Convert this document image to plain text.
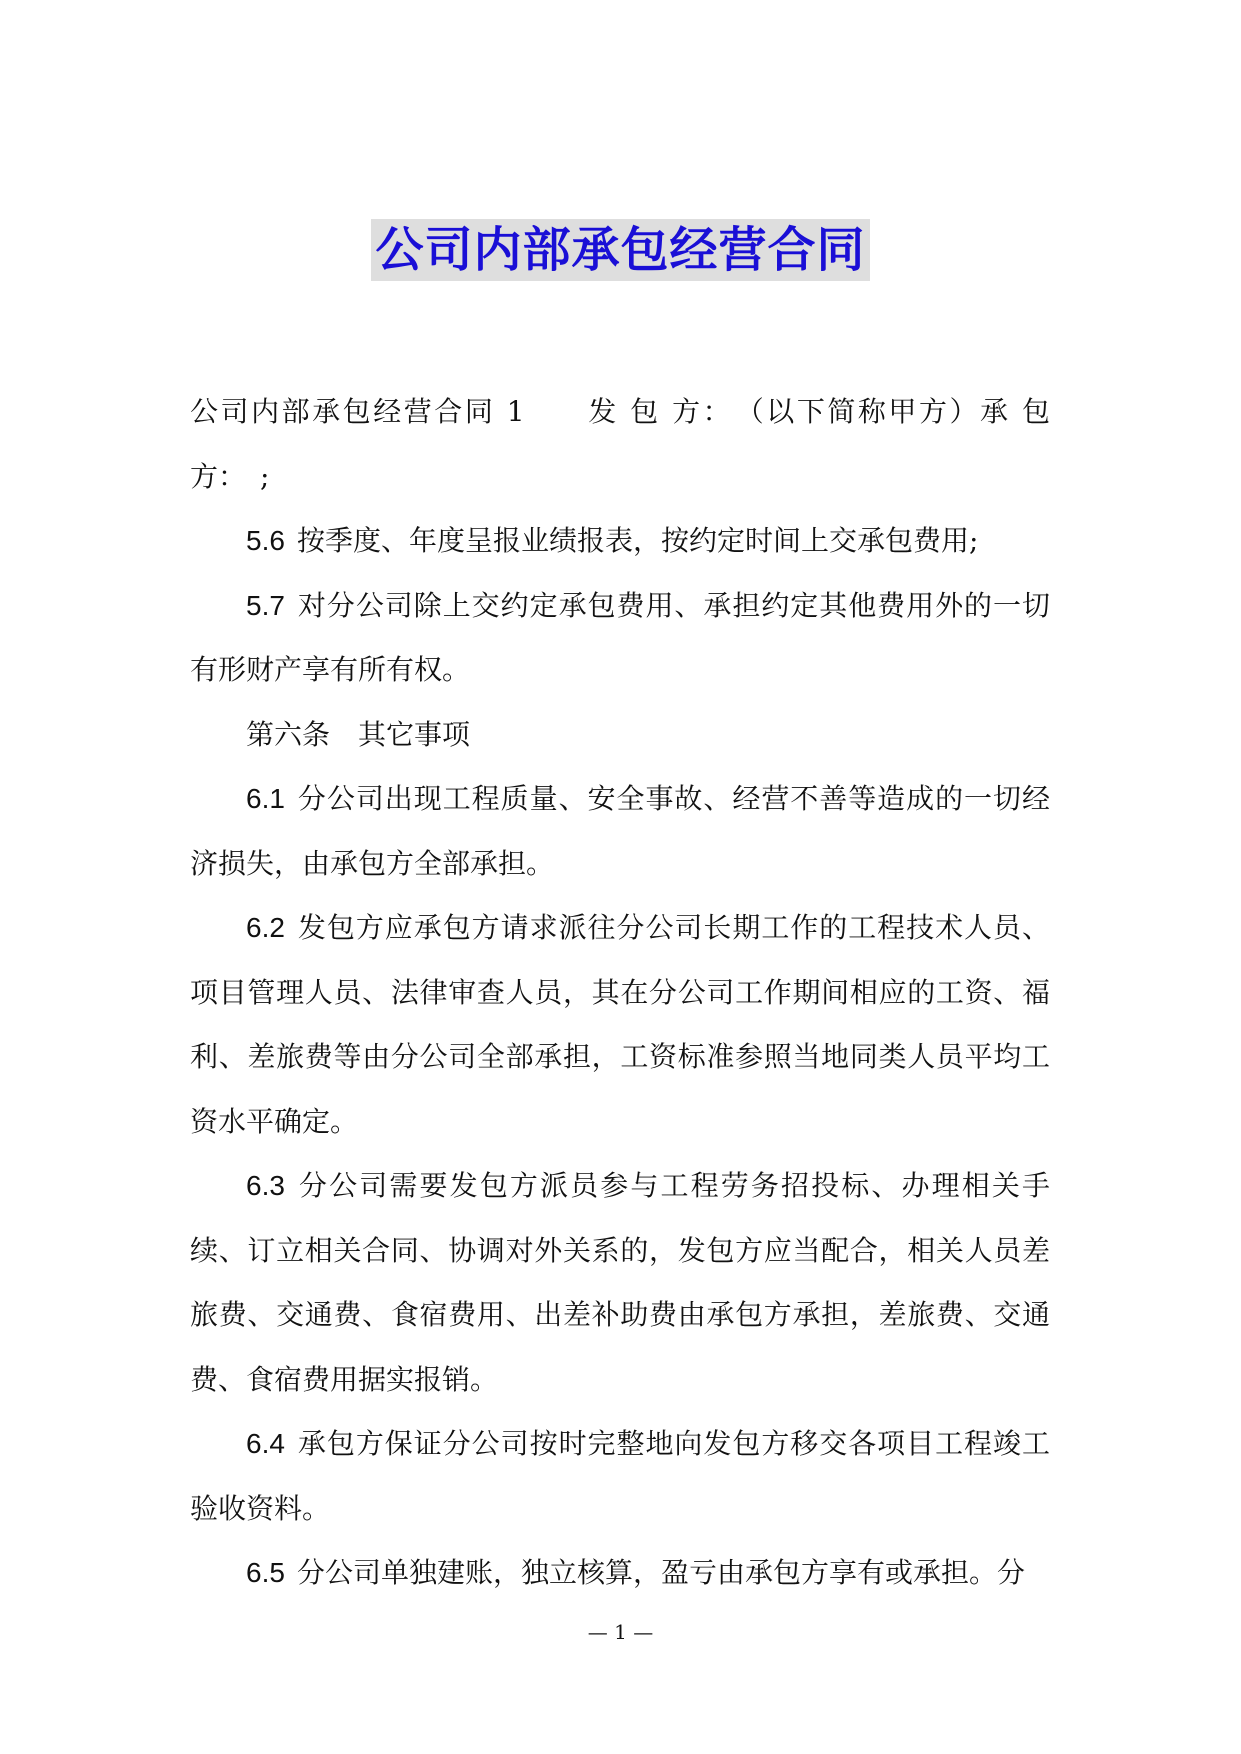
公司内部承包经营合同

公司内部承包经营合同 1　　发 包 方：　（以下简称甲方）承 包方：　;

5.6 按季度、年度呈报业绩报表，按约定时间上交承包费用;

5.7 对分公司除上交约定承包费用、承担约定其他费用外的一切有形财产享有所有权。

第六条　其它事项

6.1 分公司出现工程质量、安全事故、经营不善等造成的一切经济损失，由承包方全部承担。

6.2 发包方应承包方请求派往分公司长期工作的工程技术人员、项目管理人员、法律审查人员，其在分公司工作期间相应的工资、福利、差旅费等由分公司全部承担，工资标准参照当地同类人员平均工资水平确定。

6.3 分公司需要发包方派员参与工程劳务招投标、办理相关手续、订立相关合同、协调对外关系的，发包方应当配合，相关人员差旅费、交通费、食宿费用、出差补助费由承包方承担，差旅费、交通费、食宿费用据实报销。

6.4 承包方保证分公司按时完整地向发包方移交各项目工程竣工验收资料。

6.5 分公司单独建账，独立核算，盈亏由承包方享有或承担。分

— 1 —
